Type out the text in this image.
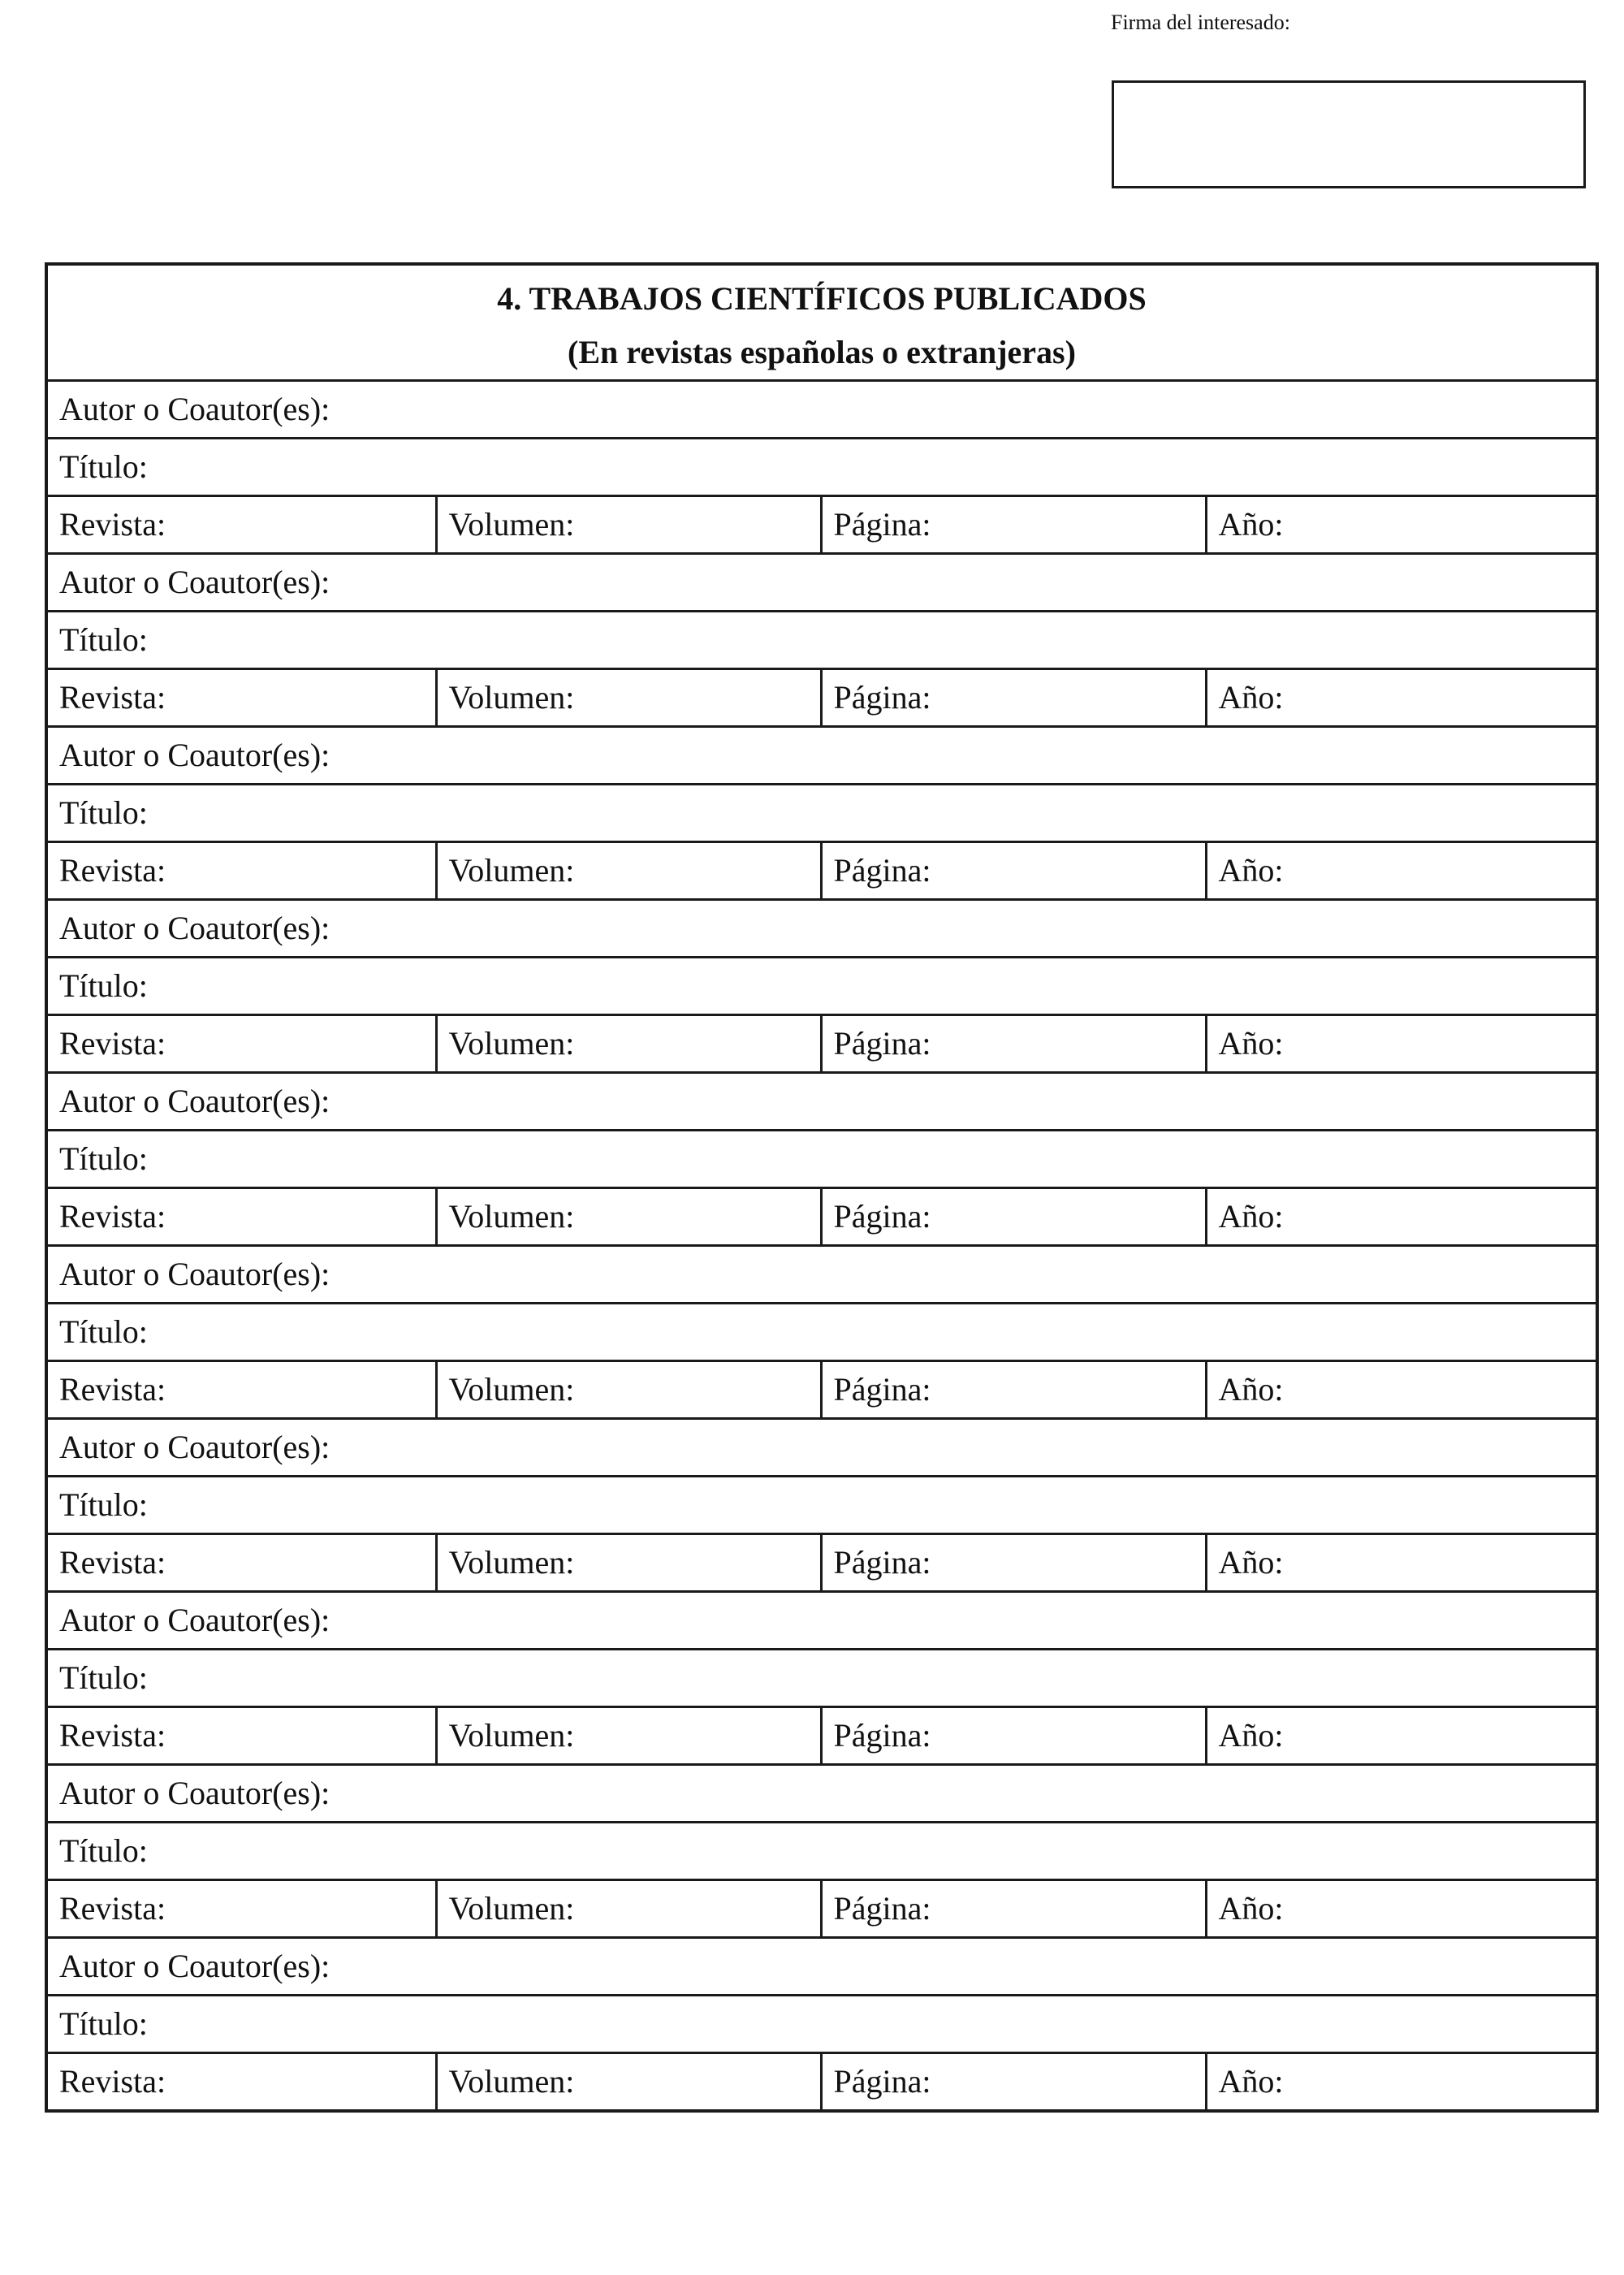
Firma del interesado:
4. TRABAJOS CIENTÍFICOS PUBLICADOS
(En revistas españolas o extranjeras)			

Autor o Coautor(es):			
Título:			
Revista:	Volumen:	Página:	Año:
Autor o Coautor(es):			
Título:			
Revista:	Volumen:	Página:	Año:
Autor o Coautor(es):			
Título:			
Revista:	Volumen:	Página:	Año:
Autor o Coautor(es):			
Título:			
Revista:	Volumen:	Página:	Año:
Autor o Coautor(es):			
Título:			
Revista:	Volumen:	Página:	Año:
Autor o Coautor(es):			
Título:			
Revista:	Volumen:	Página:	Año:
Autor o Coautor(es):			
Título:			
Revista:	Volumen:	Página:	Año:
Autor o Coautor(es):			
Título:			
Revista:	Volumen:	Página:	Año:
Autor o Coautor(es):			
Título:			
Revista:	Volumen:	Página:	Año:
Autor o Coautor(es):			
Título:			
Revista:	Volumen:	Página:	Año:
